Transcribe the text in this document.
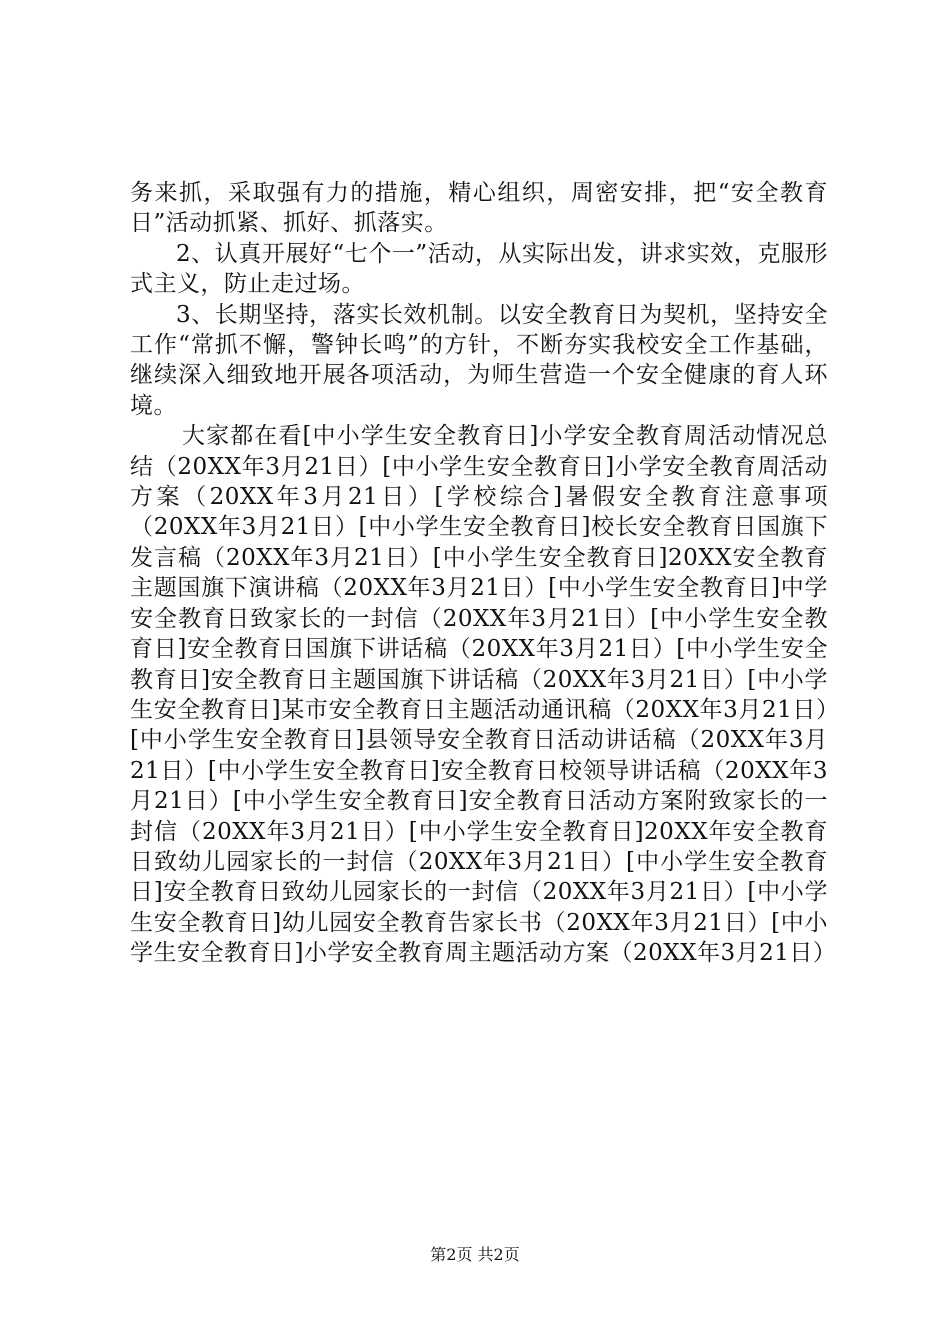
务来抓，采取强有力的措施，精心组织，周密安排，把“安全教育日”活动抓紧、抓好、抓落实。

2、认真开展好“七个一”活动，从实际出发，讲求实效，克服形式主义，防止走过场。

3、长期坚持，落实长效机制。以安全教育日为契机，坚持安全工作“常抓不懈，警钟长鸣”的方针，不断夯实我校安全工作基础，继续深入细致地开展各项活动，为师生营造一个安全健康的育人环境。

大家都在看[中小学生安全教育日]小学安全教育周活动情况总结（20XX年3月21日）[中小学生安全教育日]小学安全教育周活动方案（20XX年3月21日）[学校综合]暑假安全教育注意事项（20XX年3月21日）[中小学生安全教育日]校长安全教育日国旗下发言稿（20XX年3月21日）[中小学生安全教育日]20XX安全教育主题国旗下演讲稿（20XX年3月21日）[中小学生安全教育日]中学安全教育日致家长的一封信（20XX年3月21日）[中小学生安全教育日]安全教育日国旗下讲话稿（20XX年3月21日）[中小学生安全教育日]安全教育日主题国旗下讲话稿（20XX年3月21日）[中小学生安全教育日]某市安全教育日主题活动通讯稿（20XX年3月21日）[中小学生安全教育日]县领导安全教育日活动讲话稿（20XX年3月21日）[中小学生安全教育日]安全教育日校领导讲话稿（20XX年3月21日）[中小学生安全教育日]安全教育日活动方案附致家长的一封信（20XX年3月21日）[中小学生安全教育日]20XX年安全教育日致幼儿园家长的一封信（20XX年3月21日）[中小学生安全教育日]安全教育日致幼儿园家长的一封信（20XX年3月21日）[中小学生安全教育日]幼儿园安全教育告家长书（20XX年3月21日）[中小学生安全教育日]小学安全教育周主题活动方案（20XX年3月21日）

第2页 共2页
